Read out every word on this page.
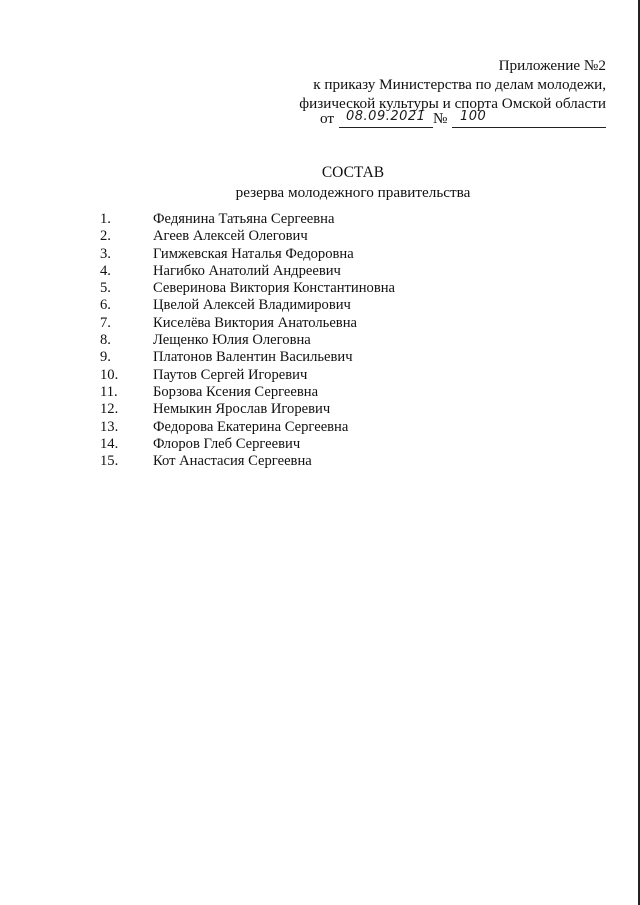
Приложение №2
к приказу Министерства по делам молодежи,
физической культуры и спорта Омской области
от 08.09.2021 № 100
СОСТАВ
резерва молодежного правительства
1.	Федянина Татьяна Сергеевна
2.	Агеев Алексей Олегович
3.	Гимжевская Наталья Федоровна
4.	Нагибко Анатолий Андреевич
5.	Северинова Виктория Константиновна
6.	Цвелой Алексей Владимирович
7.	Киселёва Виктория Анатольевна
8.	Лещенко Юлия Олеговна
9.	Платонов Валентин Васильевич
10. Паутов Сергей Игоревич
11. Борзова Ксения Сергеевна
12. Немыкин Ярослав Игоревич
13. Федорова Екатерина Сергеевна
14. Флоров Глеб Сергеевич
15. Кот Анастасия Сергеевна
